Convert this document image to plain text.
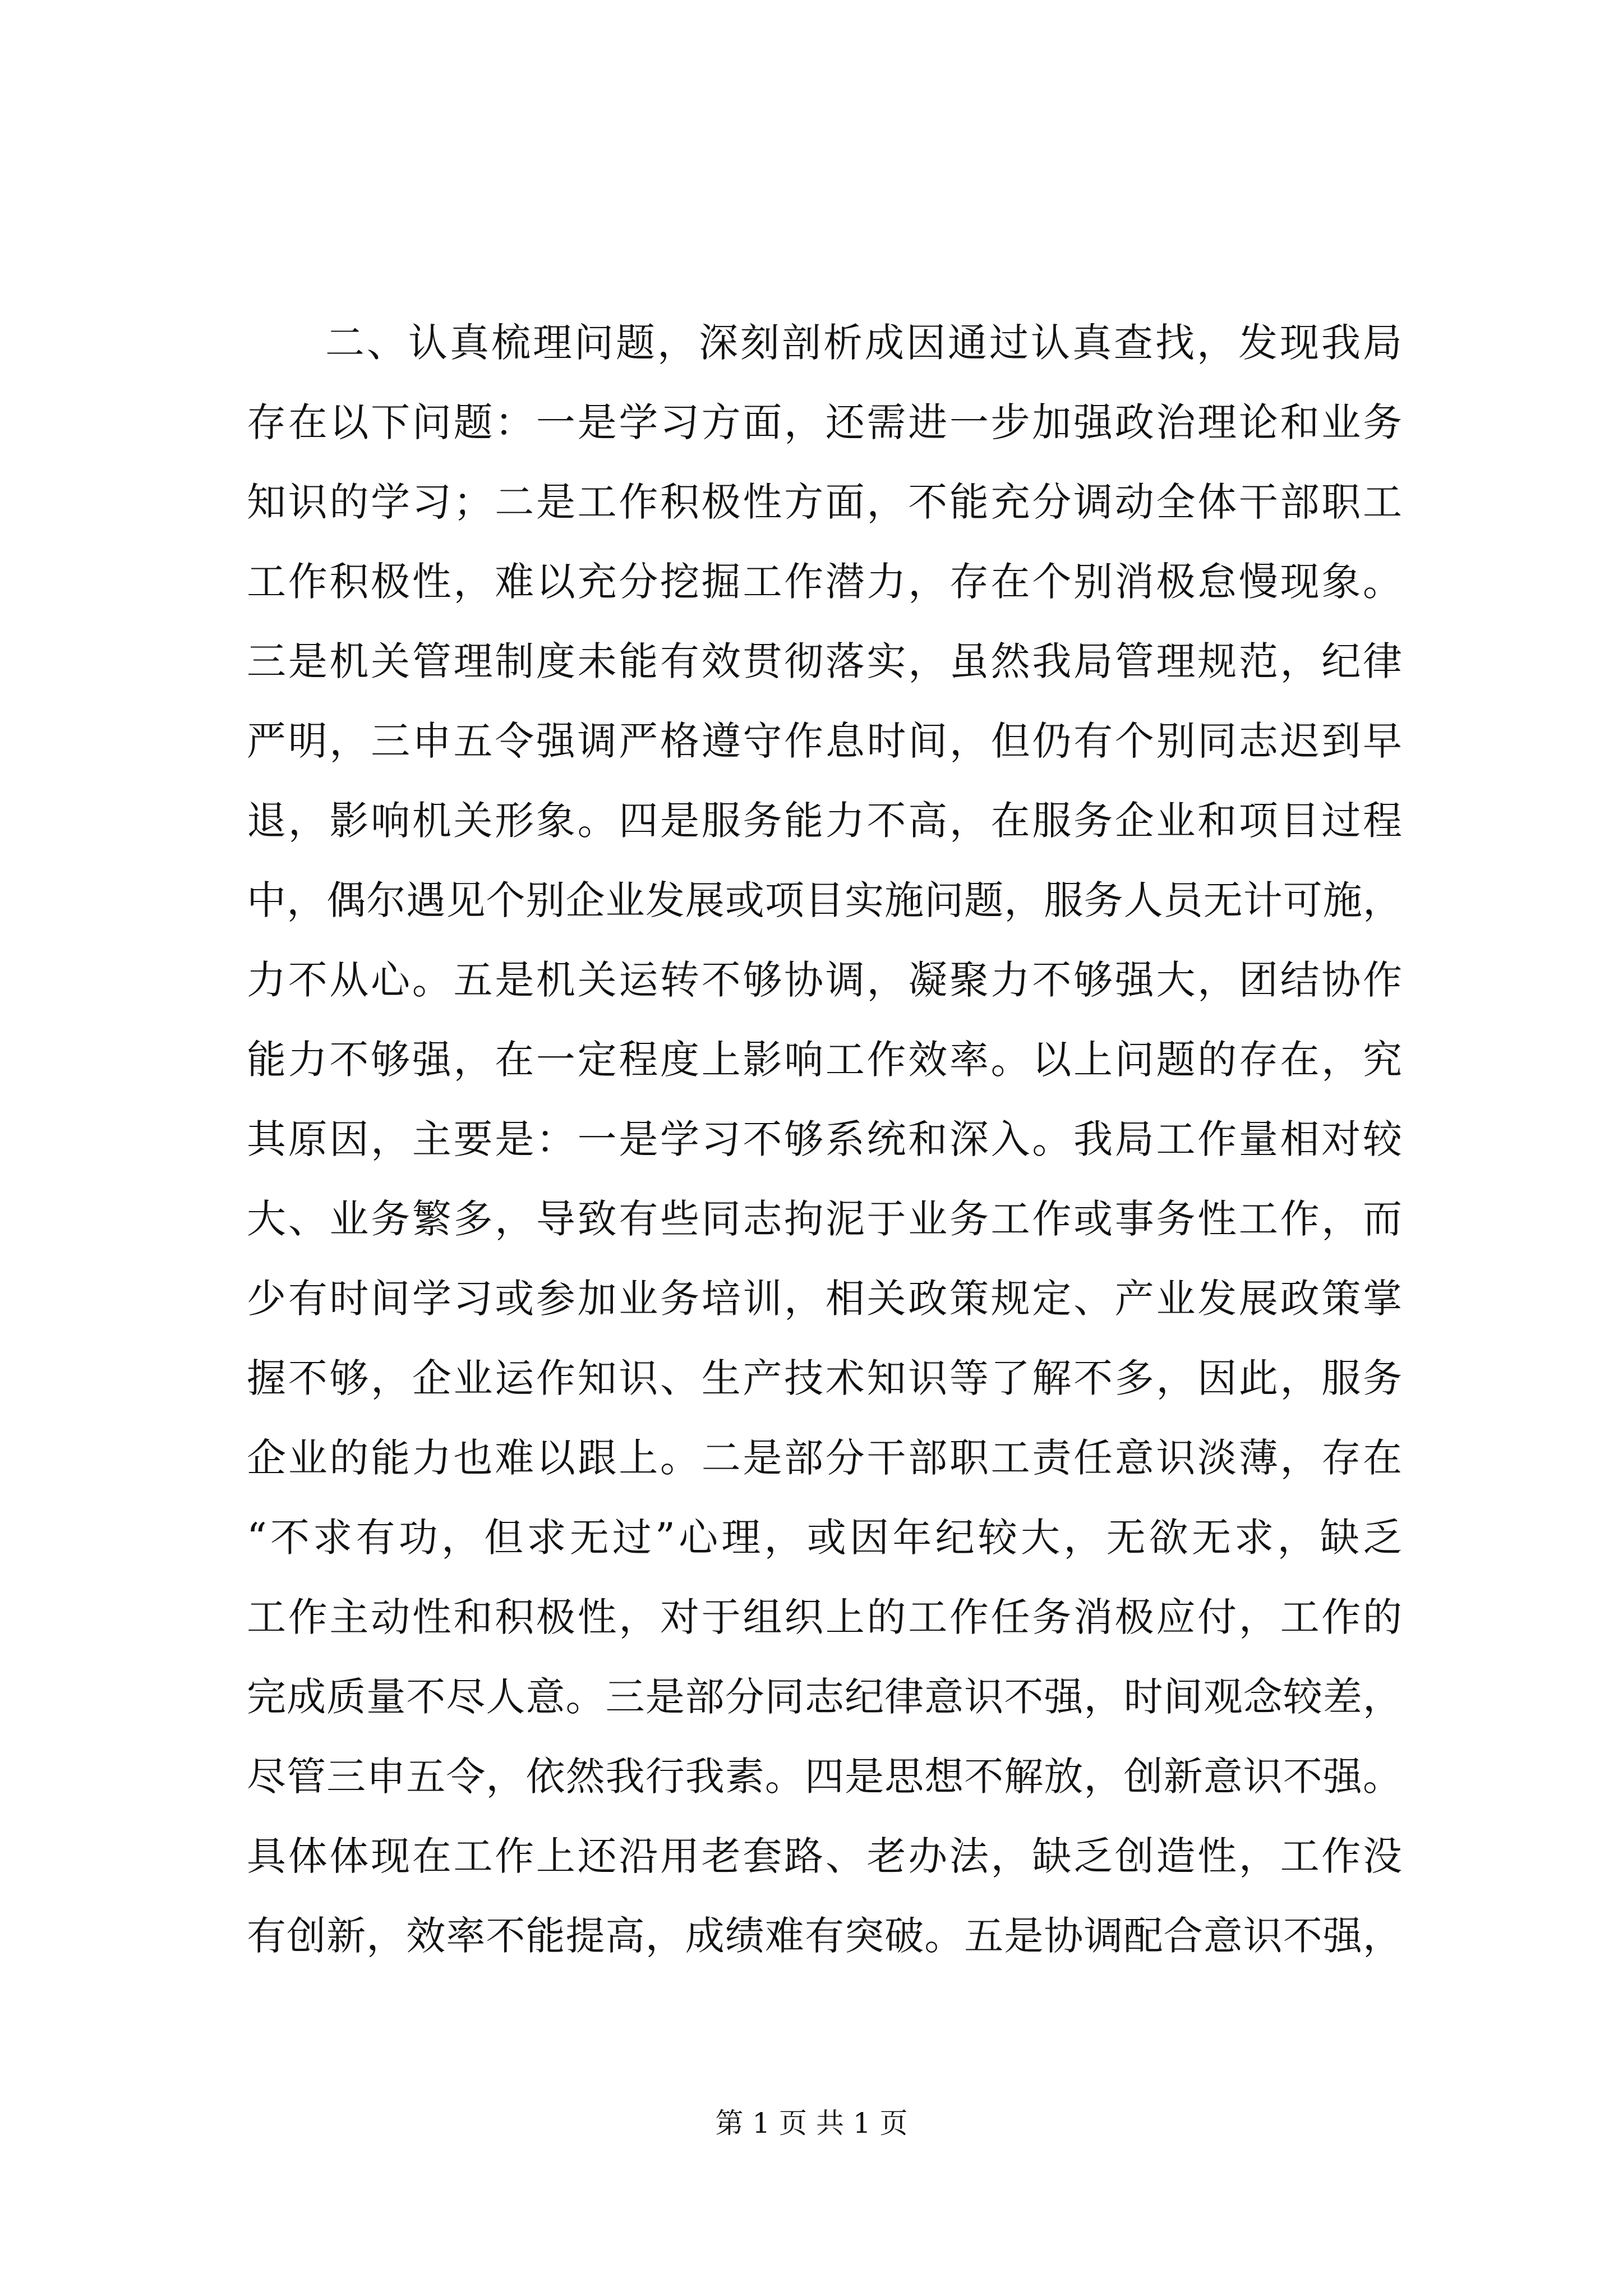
二、认真梳理问题，深刻剖析成因通过认真查找，发现我局
存在以下问题：一是学习方面，还需进一步加强政治理论和业务
知识的学习；二是工作积极性方面，不能充分调动全体干部职工
工作积极性，难以充分挖掘工作潜力，存在个别消极怠慢现象。
三是机关管理制度未能有效贯彻落实，虽然我局管理规范，纪律
严明，三申五令强调严格遵守作息时间，但仍有个别同志迟到早
退，影响机关形象。四是服务能力不高，在服务企业和项目过程
中，偶尔遇见个别企业发展或项目实施问题，服务人员无计可施，
力不从心。五是机关运转不够协调，凝聚力不够强大，团结协作
能力不够强，在一定程度上影响工作效率。以上问题的存在，究
其原因，主要是：一是学习不够系统和深入。我局工作量相对较
大、业务繁多，导致有些同志拘泥于业务工作或事务性工作，而
少有时间学习或参加业务培训，相关政策规定、产业发展政策掌
握不够，企业运作知识、生产技术知识等了解不多，因此，服务
企业的能力也难以跟上。二是部分干部职工责任意识淡薄，存在
“不求有功，但求无过”心理，或因年纪较大，无欲无求，缺乏
工作主动性和积极性，对于组织上的工作任务消极应付，工作的
完成质量不尽人意。三是部分同志纪律意识不强，时间观念较差，
尽管三申五令，依然我行我素。四是思想不解放，创新意识不强。
具体体现在工作上还沿用老套路、老办法，缺乏创造性，工作没
有创新，效率不能提高，成绩难有突破。五是协调配合意识不强，
第 1 页 共 1 页
